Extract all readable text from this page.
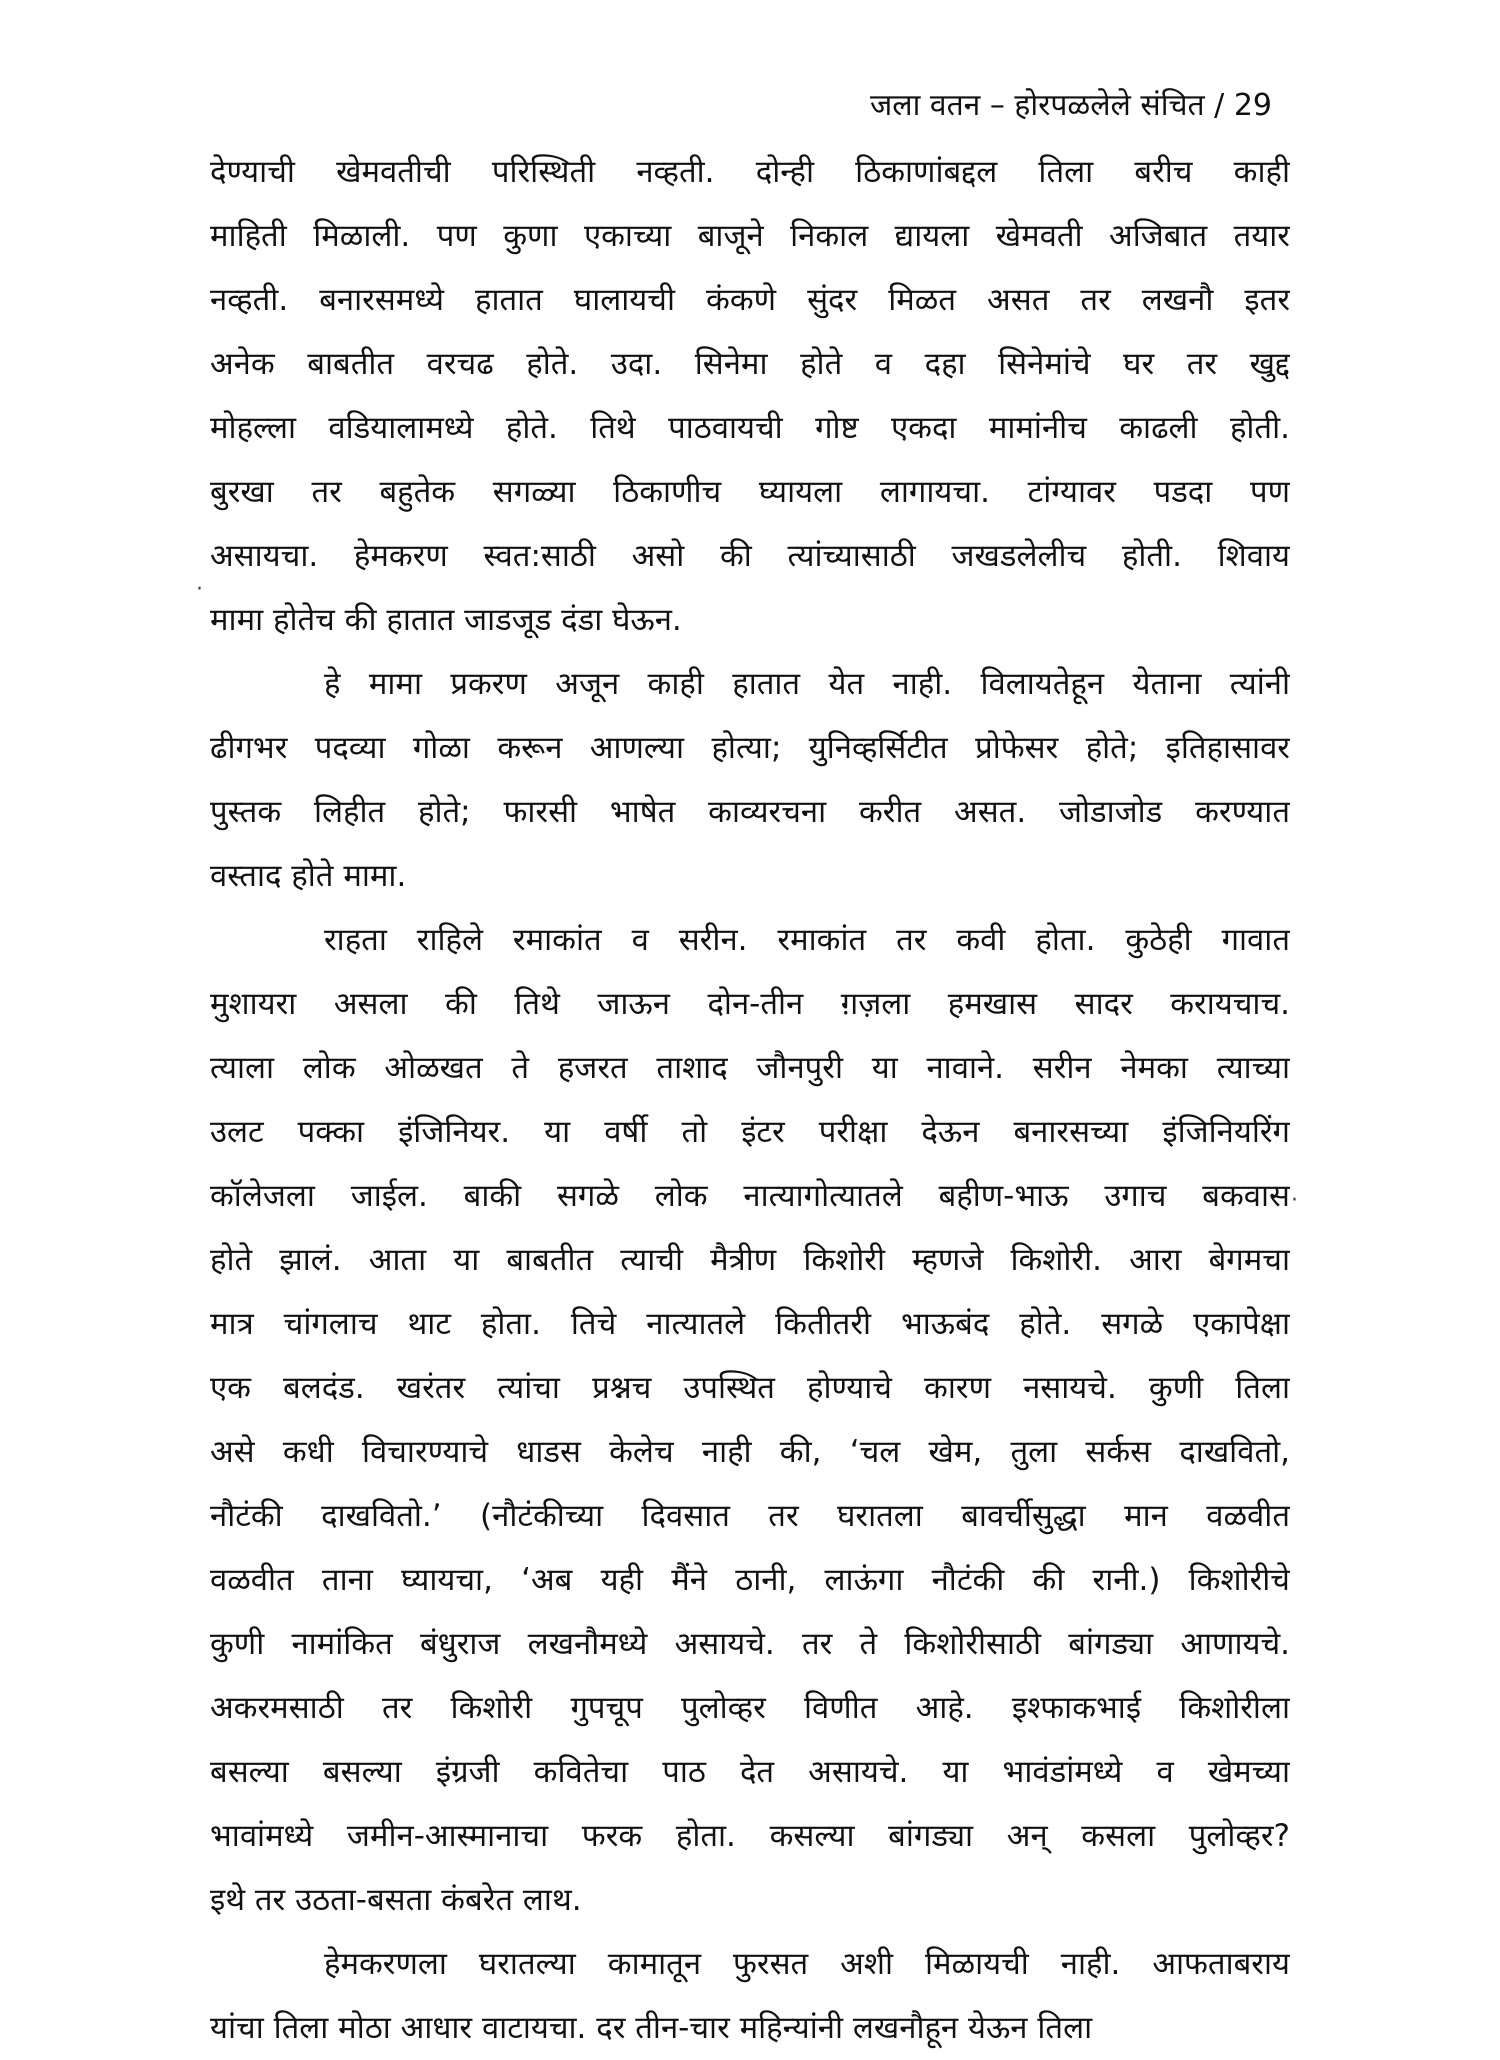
जला वतन – होरपळलेले संचित / 29
·
·
देण्याची खेमवतीची परिस्थिती नव्हती. दोन्ही ठिकाणांबद्दल तिला बरीच काही
माहिती मिळाली. पण कुणा एकाच्या बाजूने निकाल द्यायला खेमवती अजिबात तयार
नव्हती. बनारसमध्ये हातात घालायची कंकणे सुंदर मिळत असत तर लखनौ इतर
अनेक बाबतीत वरचढ होते. उदा. सिनेमा होते व दहा सिनेमांचे घर तर खुद्द
मोहल्ला वडियालामध्ये होते. तिथे पाठवायची गोष्ट एकदा मामांनीच काढली होती.
बुरखा तर बहुतेक सगळ्या ठिकाणीच घ्यायला लागायचा. टांग्यावर पडदा पण
असायचा. हेमकरण स्वत:साठी असो की त्यांच्यासाठी जखडलेलीच होती. शिवाय
मामा होतेच की हातात जाडजूड दंडा घेऊन.
हे मामा प्रकरण अजून काही हातात येत नाही. विलायतेहून येताना त्यांनी
ढीगभर पदव्या गोळा करून आणल्या होत्या; युनिव्हर्सिटीत प्रोफेसर होते; इतिहासावर
पुस्तक लिहीत होते; फारसी भाषेत काव्यरचना करीत असत. जोडाजोड करण्यात
वस्ताद होते मामा.
राहता राहिले रमाकांत व सरीन. रमाकांत तर कवी होता. कुठेही गावात
मुशायरा असला की तिथे जाऊन दोन-तीन ग़ज़ला हमखास सादर करायचाच.
त्याला लोक ओळखत ते हजरत ताशाद जौनपुरी या नावाने. सरीन नेमका त्याच्या
उलट पक्का इंजिनियर. या वर्षी तो इंटर परीक्षा देऊन बनारसच्या इंजिनियरिंग
कॉलेजला जाईल. बाकी सगळे लोक नात्यागोत्यातले बहीण-भाऊ उगाच बकवास
होते झालं. आता या बाबतीत त्याची मैत्रीण किशोरी म्हणजे किशोरी. आरा बेगमचा
मात्र चांगलाच थाट होता. तिचे नात्यातले कितीतरी भाऊबंद होते. सगळे एकापेक्षा
एक बलदंड. खरंतर त्यांचा प्रश्नच उपस्थित होण्याचे कारण नसायचे. कुणी तिला
असे कधी विचारण्याचे धाडस केलेच नाही की, ‘चल खेम, तुला सर्कस दाखवितो,
नौटंकी दाखवितो.’ (नौटंकीच्या दिवसात तर घरातला बावर्चीसुद्धा मान वळवीत
वळवीत ताना घ्यायचा, ‘अब यही मैंने ठानी, लाऊंगा नौटंकी की रानी.) किशोरीचे
कुणी नामांकित बंधुराज लखनौमध्ये असायचे. तर ते किशोरीसाठी बांगड्या आणायचे.
अकरमसाठी तर किशोरी गुपचूप पुलोव्हर विणीत आहे. इश्फाकभाई किशोरीला
बसल्या बसल्या इंग्रजी कवितेचा पाठ देत असायचे. या भावंडांमध्ये व खेमच्या
भावांमध्ये जमीन-आस्मानाचा फरक होता. कसल्या बांगड्या अन् कसला पुलोव्हर?
इथे तर उठता-बसता कंबरेत लाथ.
हेमकरणला घरातल्या कामातून फुरसत अशी मिळायची नाही. आफताबराय
यांचा तिला मोठा आधार वाटायचा. दर तीन-चार महिन्यांनी लखनौहून येऊन तिला
